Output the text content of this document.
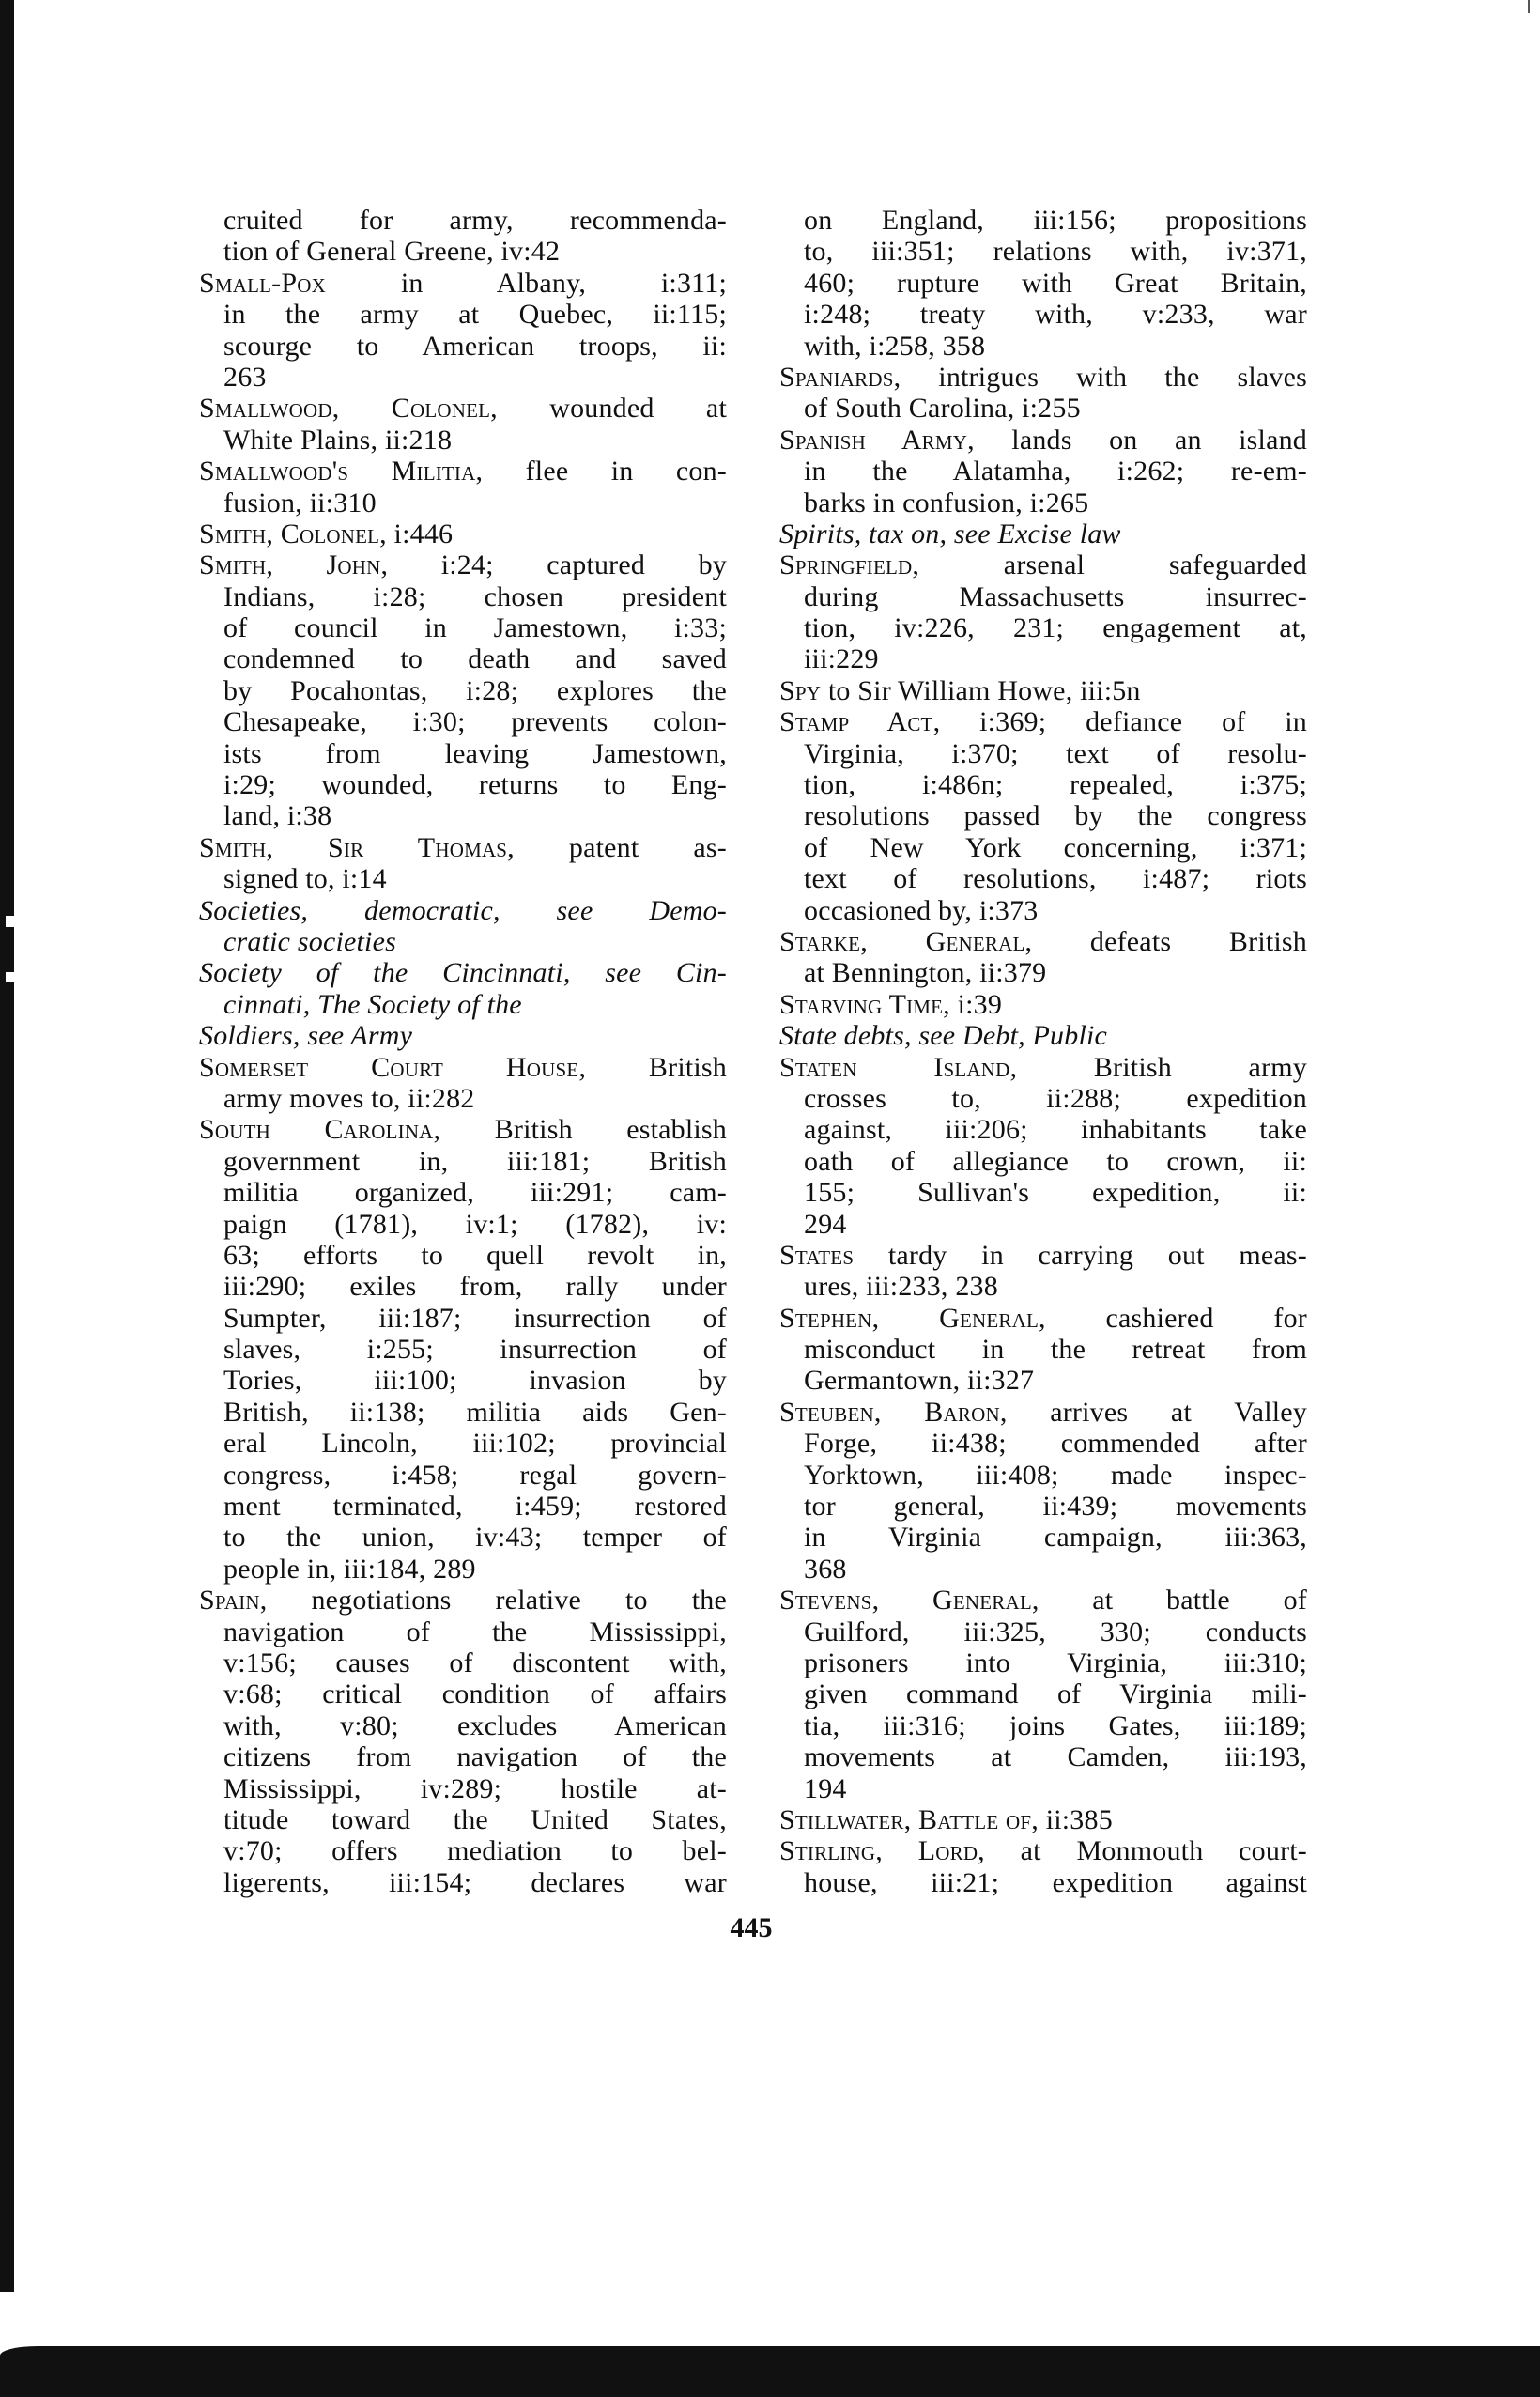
cruited for army, recommenda-
tion of General Greene, iv:42
Small-Pox in Albany, i:311;
in the army at Quebec, ii:115;
scourge to American troops, ii:
263
Smallwood, Colonel, wounded at
White Plains, ii:218
Smallwood's Militia, flee in con-
fusion, ii:310
Smith, Colonel, i:446
Smith, John, i:24; captured by
Indians, i:28; chosen president
of council in Jamestown, i:33;
condemned to death and saved
by Pocahontas, i:28; explores the
Chesapeake, i:30; prevents colon-
ists from leaving Jamestown,
i:29; wounded, returns to Eng-
land, i:38
Smith, Sir Thomas, patent as-
signed to, i:14
Societies, democratic, see Demo-
cratic societies
Society of the Cincinnati, see Cin-
cinnati, The Society of the
Soldiers, see Army
Somerset Court House, British
army moves to, ii:282
South Carolina, British establish
government in, iii:181; British
militia organized, iii:291; cam-
paign (1781), iv:1; (1782), iv:
63; efforts to quell revolt in,
iii:290; exiles from, rally under
Sumpter, iii:187; insurrection of
slaves, i:255; insurrection of
Tories, iii:100; invasion by
British, ii:138; militia aids Gen-
eral Lincoln, iii:102; provincial
congress, i:458; regal govern-
ment terminated, i:459; restored
to the union, iv:43; temper of
people in, iii:184, 289
Spain, negotiations relative to the
navigation of the Mississippi,
v:156; causes of discontent with,
v:68; critical condition of affairs
with, v:80; excludes American
citizens from navigation of the
Mississippi, iv:289; hostile at-
titude toward the United States,
v:70; offers mediation to bel-
ligerents, iii:154; declares war
on England, iii:156; propositions
to, iii:351; relations with, iv:371,
460; rupture with Great Britain,
i:248; treaty with, v:233, war
with, i:258, 358
Spaniards, intrigues with the slaves
of South Carolina, i:255
Spanish Army, lands on an island
in the Alatamha, i:262; re-em-
barks in confusion, i:265
Spirits, tax on, see Excise law
Springfield, arsenal safeguarded
during Massachusetts insurrec-
tion, iv:226, 231; engagement at,
iii:229
Spy to Sir William Howe, iii:5n
Stamp Act, i:369; defiance of in
Virginia, i:370; text of resolu-
tion, i:486n; repealed, i:375;
resolutions passed by the congress
of New York concerning, i:371;
text of resolutions, i:487; riots
occasioned by, i:373
Starke, General, defeats British
at Bennington, ii:379
Starving Time, i:39
State debts, see Debt, Public
Staten Island, British army
crosses to, ii:288; expedition
against, iii:206; inhabitants take
oath of allegiance to crown, ii:
155; Sullivan's expedition, ii:
294
States tardy in carrying out meas-
ures, iii:233, 238
Stephen, General, cashiered for
misconduct in the retreat from
Germantown, ii:327
Steuben, Baron, arrives at Valley
Forge, ii:438; commended after
Yorktown, iii:408; made inspec-
tor general, ii:439; movements
in Virginia campaign, iii:363,
368
Stevens, General, at battle of
Guilford, iii:325, 330; conducts
prisoners into Virginia, iii:310;
given command of Virginia mili-
tia, iii:316; joins Gates, iii:189;
movements at Camden, iii:193,
194
Stillwater, Battle of, ii:385
Stirling, Lord, at Monmouth court-
house, iii:21; expedition against
445
